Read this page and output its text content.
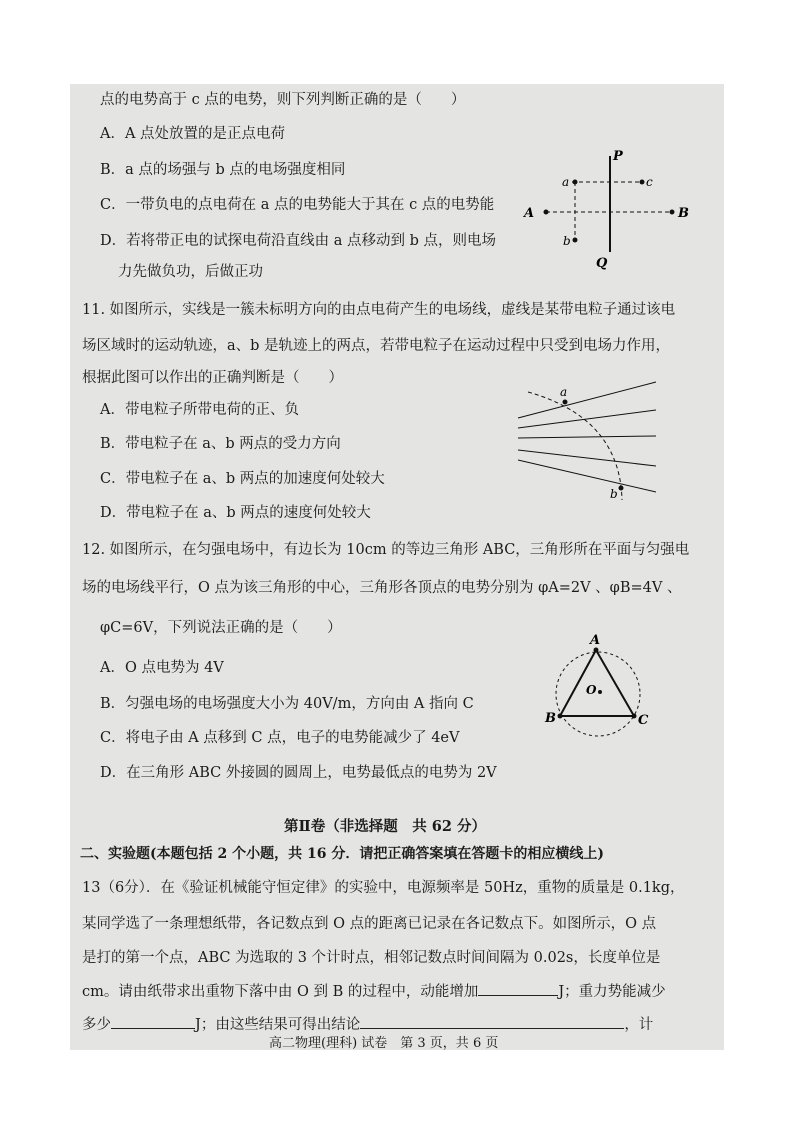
点的电势高于 c 点的电势，则下列判断正确的是（　　）
A．A 点处放置的是正点电荷
B．a 点的场强与 b 点的电场强度相同
C．一带负电的点电荷在 a 点的电势能大于其在 c 点的电势能
D．若将带正电的试探电荷沿直线由 a 点移动到 b 点，则电场
力先做负功，后做正功
P
Q
A	B
a	c
b
11. 如图所示，实线是一簇未标明方向的由点电荷产生的电场线，虚线是某带电粒子通过该电
场区域时的运动轨迹，a、b 是轨迹上的两点，若带电粒子在运动过程中只受到电场力作用，
根据此图可以作出的正确判断是（　　）
A．带电粒子所带电荷的正、负
B．带电粒子在 a、b 两点的受力方向
C．带电粒子在 a、b 两点的加速度何处较大
D．带电粒子在 a、b 两点的速度何处较大
a
b
12. 如图所示，在匀强电场中，有边长为 10cm 的等边三角形 ABC，三角形所在平面与匀强电
场的电场线平行，O 点为该三角形的中心，三角形各顶点的电势分别为 φA=2V 、φB=4V 、
φC=6V，下列说法正确的是（　　）
A．O 点电势为 4V
B．匀强电场的电场强度大小为 40V/m，方向由 A 指向 C
C．将电子由 A 点移到 C 点，电子的电势能减少了 4eV
D．在三角形 ABC 外接圆的圆周上，电势最低点的电势为 2V
A
B	C
O
第Ⅱ卷（非选择题　共 62 分）
二、实验题(本题包括 2 个小题，共 16 分．请把正确答案填在答题卡的相应横线上)
13（6分）．在《验证机械能守恒定律》的实验中，电源频率是 50Hz，重物的质量是 0.1kg，
某同学选了一条理想纸带，各记数点到 O 点的距离已记录在各记数点下。如图所示，O 点
是打的第一个点，ABC 为选取的 3 个计时点，相邻记数点时间间隔为 0.02s，长度单位是
cm。请由纸带求出重物下落中由 O 到 B 的过程中，动能增加	J；重力势能减少
多少	J；由这些结果可得出结论	，计
高二物理(理科) 试卷　第 3 页，共 6 页
